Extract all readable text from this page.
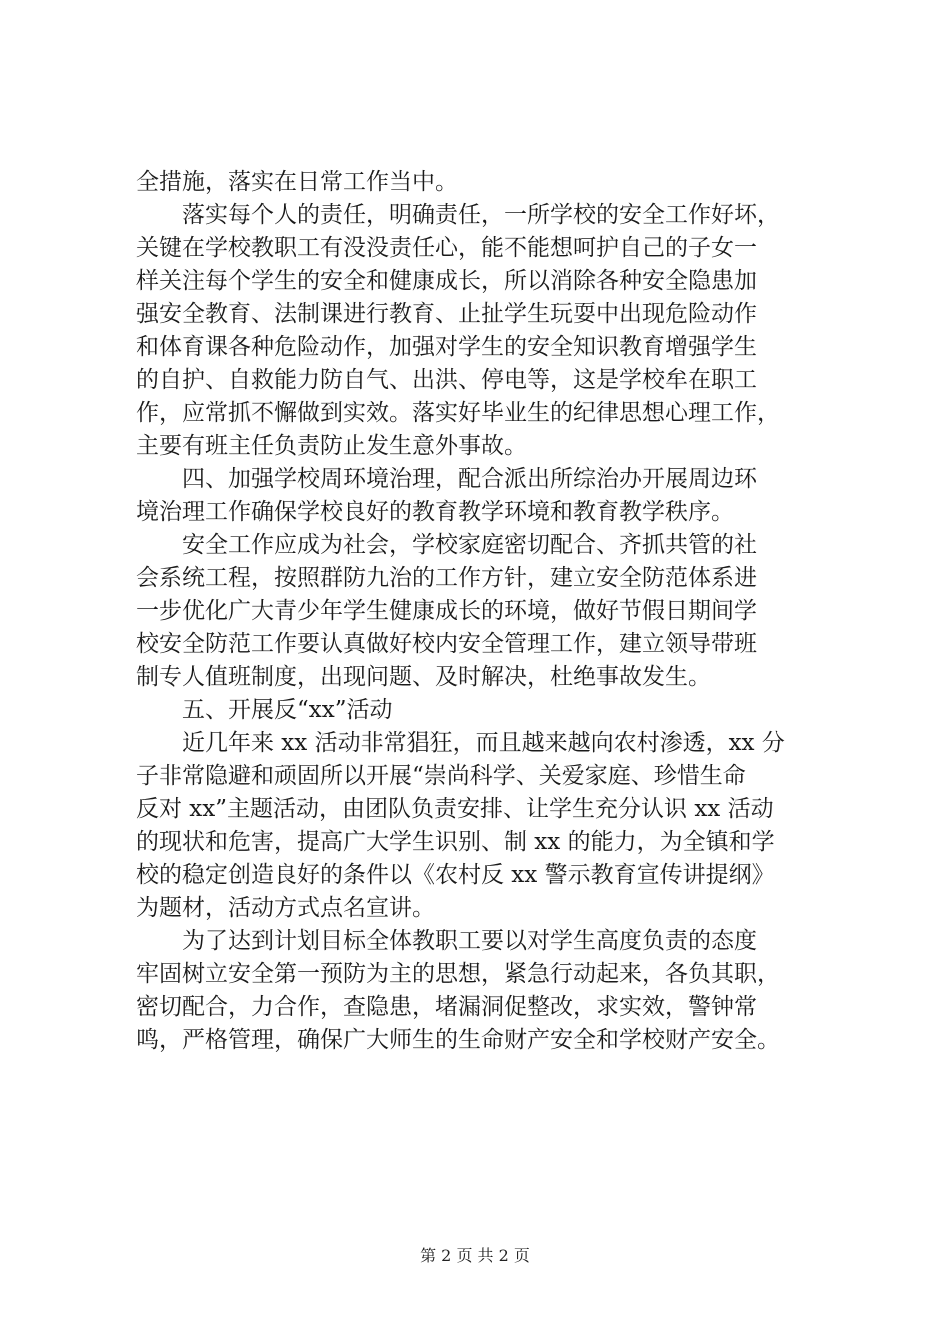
全措施，落实在日常工作当中。
　　落实每个人的责任，明确责任，一所学校的安全工作好坏，
关键在学校教职工有没没责任心，能不能想呵护自己的子女一
样关注每个学生的安全和健康成长，所以消除各种安全隐患加
强安全教育、法制课进行教育、止扯学生玩耍中出现危险动作
和体育课各种危险动作，加强对学生的安全知识教育增强学生
的自护、自救能力防自气、出洪、停电等，这是学校牟在职工
作，应常抓不懈做到实效。落实好毕业生的纪律思想心理工作，
主要有班主任负责防止发生意外事故。
　　四、加强学校周环境治理，配合派出所综治办开展周边环
境治理工作确保学校良好的教育教学环境和教育教学秩序。
　　安全工作应成为社会，学校家庭密切配合、齐抓共管的社
会系统工程，按照群防九治的工作方针，建立安全防范体系进
一步优化广大青少年学生健康成长的环境，做好节假日期间学
校安全防范工作要认真做好校内安全管理工作，建立领导带班
制专人值班制度，出现问题、及时解决，杜绝事故发生。
　　五、开展反“xx”活动
　　近几年来 xx 活动非常猖狂，而且越来越向农村渗透，xx 分
子非常隐避和顽固所以开展“崇尚科学、关爱家庭、珍惜生命
反对 xx”主题活动，由团队负责安排、让学生充分认识 xx 活动
的现状和危害，提高广大学生识别、制 xx 的能力，为全镇和学
校的稳定创造良好的条件以《农村反 xx 警示教育宣传讲提纲》
为题材，活动方式点名宣讲。
　　为了达到计划目标全体教职工要以对学生高度负责的态度
牢固树立安全第一预防为主的思想，紧急行动起来，各负其职，
密切配合，力合作，查隐患，堵漏洞促整改，求实效，警钟常
鸣，严格管理，确保广大师生的生命财产安全和学校财产安全。
第 2 页 共 2 页
